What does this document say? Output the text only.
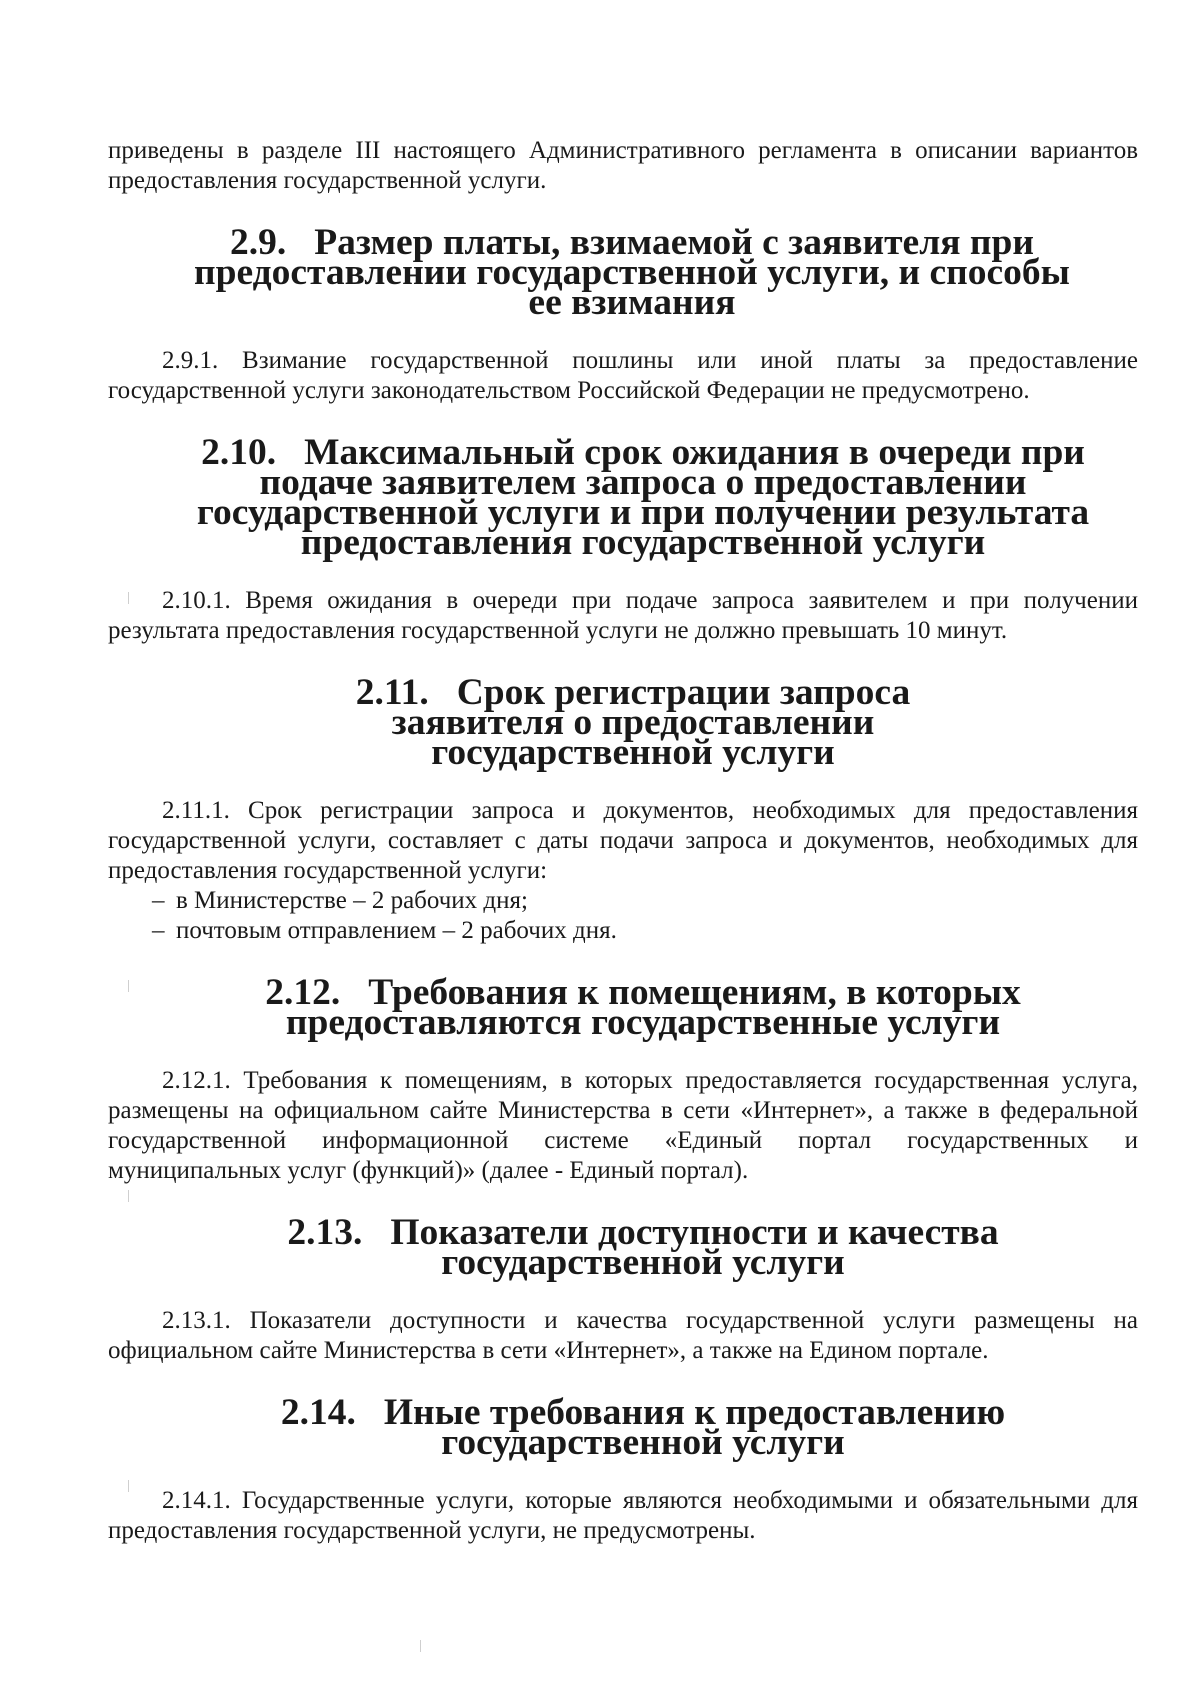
приведены в разделе III настоящего Административного регламента в описании вариантов предоставления государственной услуги.

2.9. Размер платы, взимаемой с заявителя при предоставлении государственной услуги, и способы ее взимания

2.9.1. Взимание государственной пошлины или иной платы за предоставление государственной услуги законодательством Российской Федерации не предусмотрено.

2.10. Максимальный срок ожидания в очереди при подаче заявителем запроса о предоставлении государственной услуги и при получении результата предоставления государственной услуги

2.10.1. Время ожидания в очереди при подаче запроса заявителем и при получении результата предоставления государственной услуги не должно превышать 10 минут.

2.11. Срок регистрации запроса заявителя о предоставлении государственной услуги

2.11.1. Срок регистрации запроса и документов, необходимых для предоставления государственной услуги, составляет с даты подачи запроса и документов, необходимых для предоставления государственной услуги:

– в Министерстве – 2 рабочих дня;
– почтовым отправлением – 2 рабочих дня.
2.12. Требования к помещениям, в которых предоставляются государственные услуги

2.12.1. Требования к помещениям, в которых предоставляется государственная услуга, размещены на официальном сайте Министерства в сети «Интернет», а также в федеральной государственной информационной системе «Единый портал государственных и муниципальных услуг (функций)» (далее - Единый портал).

2.13. Показатели доступности и качества государственной услуги

2.13.1. Показатели доступности и качества государственной услуги размещены на официальном сайте Министерства в сети «Интернет», а также на Едином портале.

2.14. Иные требования к предоставлению государственной услуги

2.14.1. Государственные услуги, которые являются необходимыми и обязательными для предоставления государственной услуги, не предусмотрены.
